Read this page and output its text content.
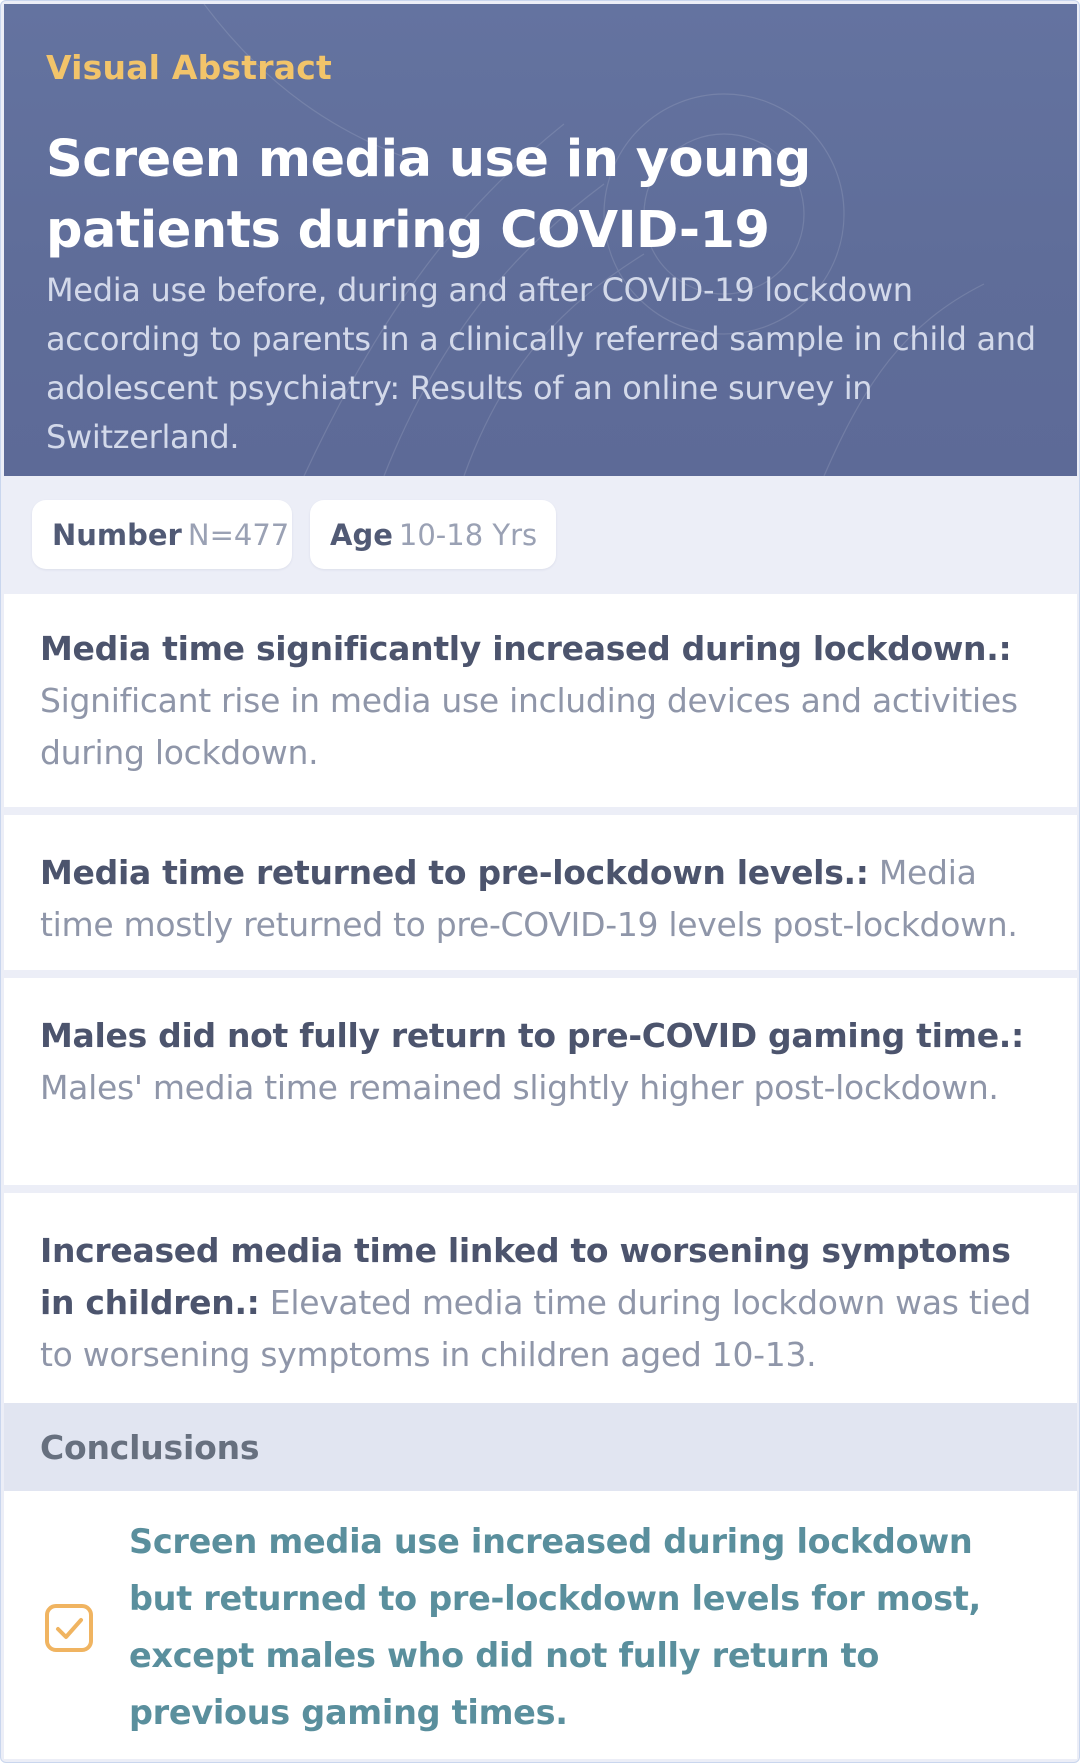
Visual Abstract
Screen media use in young patients during COVID-19

Media use before, during and after COVID-19 lockdown according to parents in a clinically referred sample in child and adolescent psychiatry: Results of an online survey in Switzerland.

Number N=477 Age 10-18 Yrs

Media time significantly increased during lockdown.: Significant rise in media use including devices and activities during lockdown.

Media time returned to pre-lockdown levels.: Media time mostly returned to pre-COVID-19 levels post-lockdown.

Males did not fully return to pre-COVID gaming time.: Males' media time remained slightly higher post-lockdown.

Increased media time linked to worsening symptoms in children.: Elevated media time during lockdown was tied to worsening symptoms in children aged 10-13.

Conclusions

Screen media use increased during lockdown but returned to pre-lockdown levels for most, except males who did not fully return to previous gaming times.
